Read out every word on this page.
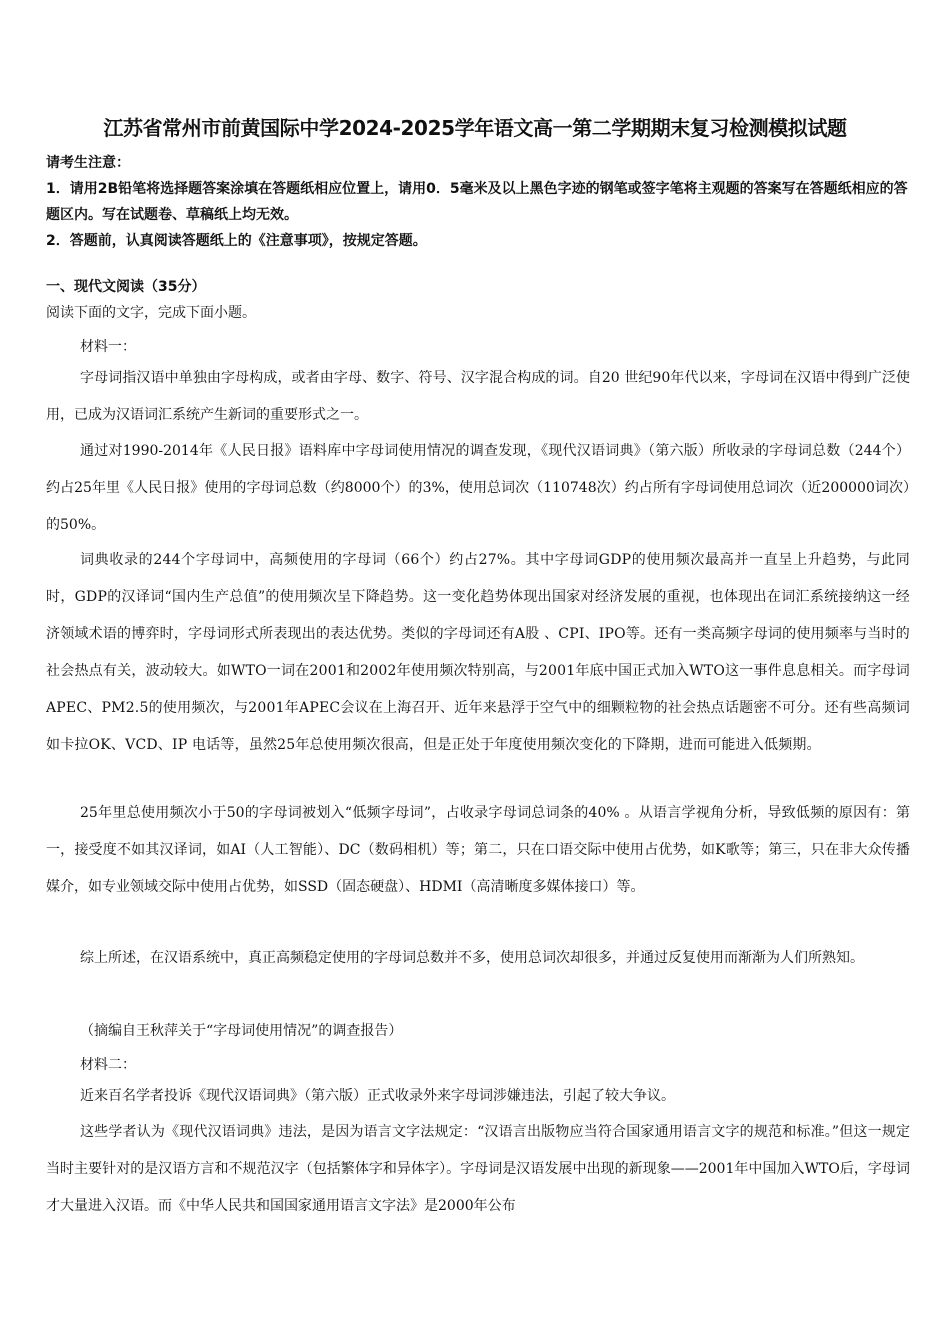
江苏省常州市前黄国际中学2024-2025学年语文高一第二学期期末复习检测模拟试题
请考生注意：
1．请用2B铅笔将选择题答案涂填在答题纸相应位置上，请用0．5毫米及以上黑色字迹的钢笔或签字笔将主观题的答案写在答题纸相应的答题区内。写在试题卷、草稿纸上均无效。
2．答题前，认真阅读答题纸上的《注意事项》，按规定答题。
一、现代文阅读（35分）
阅读下面的文字，完成下面小题。
材料一：
字母词指汉语中单独由字母构成，或者由字母、数字、符号、汉字混合构成的词。自20 世纪90年代以来，字母词在汉语中得到广泛使用，已成为汉语词汇系统产生新词的重要形式之一。
通过对1990-2014年《人民日报》语料库中字母词使用情况的调查发现，《现代汉语词典》（第六版）所收录的字母词总数（244个）约占25年里《人民日报》使用的字母词总数（约8000个）的3%，使用总词次（110748次）约占所有字母词使用总词次（近200000词次）的50%。
词典收录的244个字母词中，高频使用的字母词（66个）约占27%。其中字母词GDP的使用频次最高并一直呈上升趋势，与此同时，GDP的汉译词“国内生产总值”的使用频次呈下降趋势。这一变化趋势体现出国家对经济发展的重视，也体现出在词汇系统接纳这一经济领域术语的博弈时，字母词形式所表现出的表达优势。类似的字母词还有A股 、CPI、IPO等。还有一类高频字母词的使用频率与当时的社会热点有关，波动较大。如WTO一词在2001和2002年使用频次特别高，与2001年底中国正式加入WTO这一事件息息相关。而字母词APEC、PM2.5的使用频次，与2001年APEC会议在上海召开、近年来悬浮于空气中的细颗粒物的社会热点话题密不可分。还有些高频词如卡拉OK、VCD、IP 电话等，虽然25年总使用频次很高，但是正处于年度使用频次变化的下降期，进而可能进入低频期。
25年里总使用频次小于50的字母词被划入“低频字母词”，占收录字母词总词条的40% 。从语言学视角分析，导致低频的原因有：第一，接受度不如其汉译词，如AI（人工智能）、DC（数码相机）等；第二，只在口语交际中使用占优势，如K歌等；第三，只在非大众传播媒介，如专业领域交际中使用占优势，如SSD（固态硬盘）、HDMI（高清晰度多媒体接口）等。
综上所述，在汉语系统中，真正高频稳定使用的字母词总数并不多，使用总词次却很多，并通过反复使用而渐渐为人们所熟知。
（摘编自王秋萍关于“字母词使用情况”的调查报告）
材料二：
近来百名学者投诉《现代汉语词典》（第六版）正式收录外来字母词涉嫌违法，引起了较大争议。
这些学者认为《现代汉语词典》违法，是因为语言文字法规定：“汉语言出版物应当符合国家通用语言文字的规范和标准。”但这一规定当时主要针对的是汉语方言和不规范汉字（包括繁体字和异体字）。字母词是汉语发展中出现的新现象——2001年中国加入WTO后，字母词才大量进入汉语。而《中华人民共和国国家通用语言文字法》是2000年公布
